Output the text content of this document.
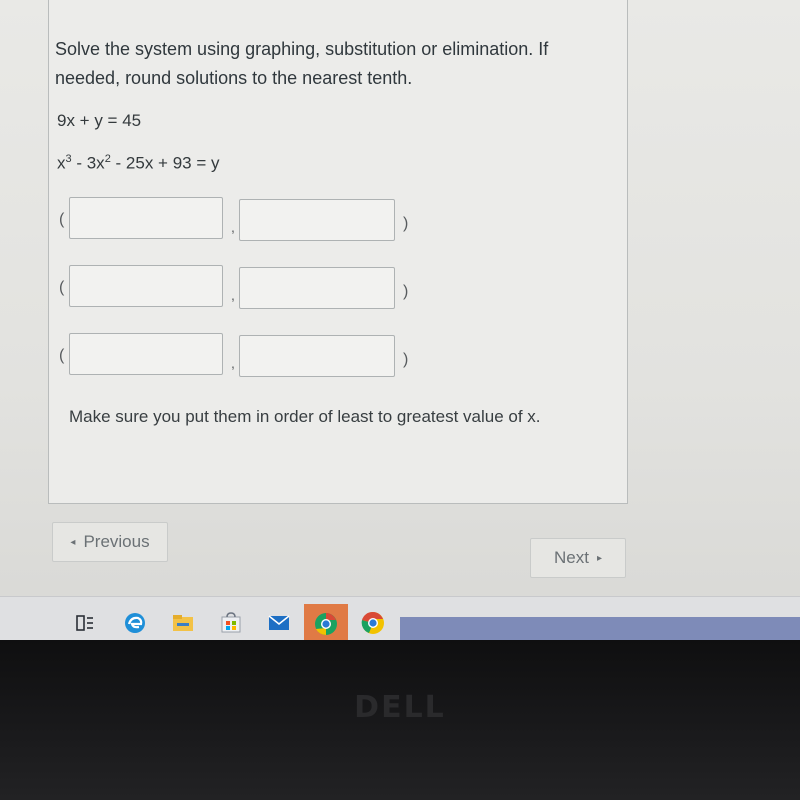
Solve the system using graphing, substitution or elimination. If needed, round solutions to the nearest tenth.
9x + y = 45
$x^3 - 3x^2 - 25x + 93 = y$
(	,	)
(	,	)
(	,	)
Make sure you put them in order of least to greatest value of x.
◂ Previous
Next ▸
DELL
